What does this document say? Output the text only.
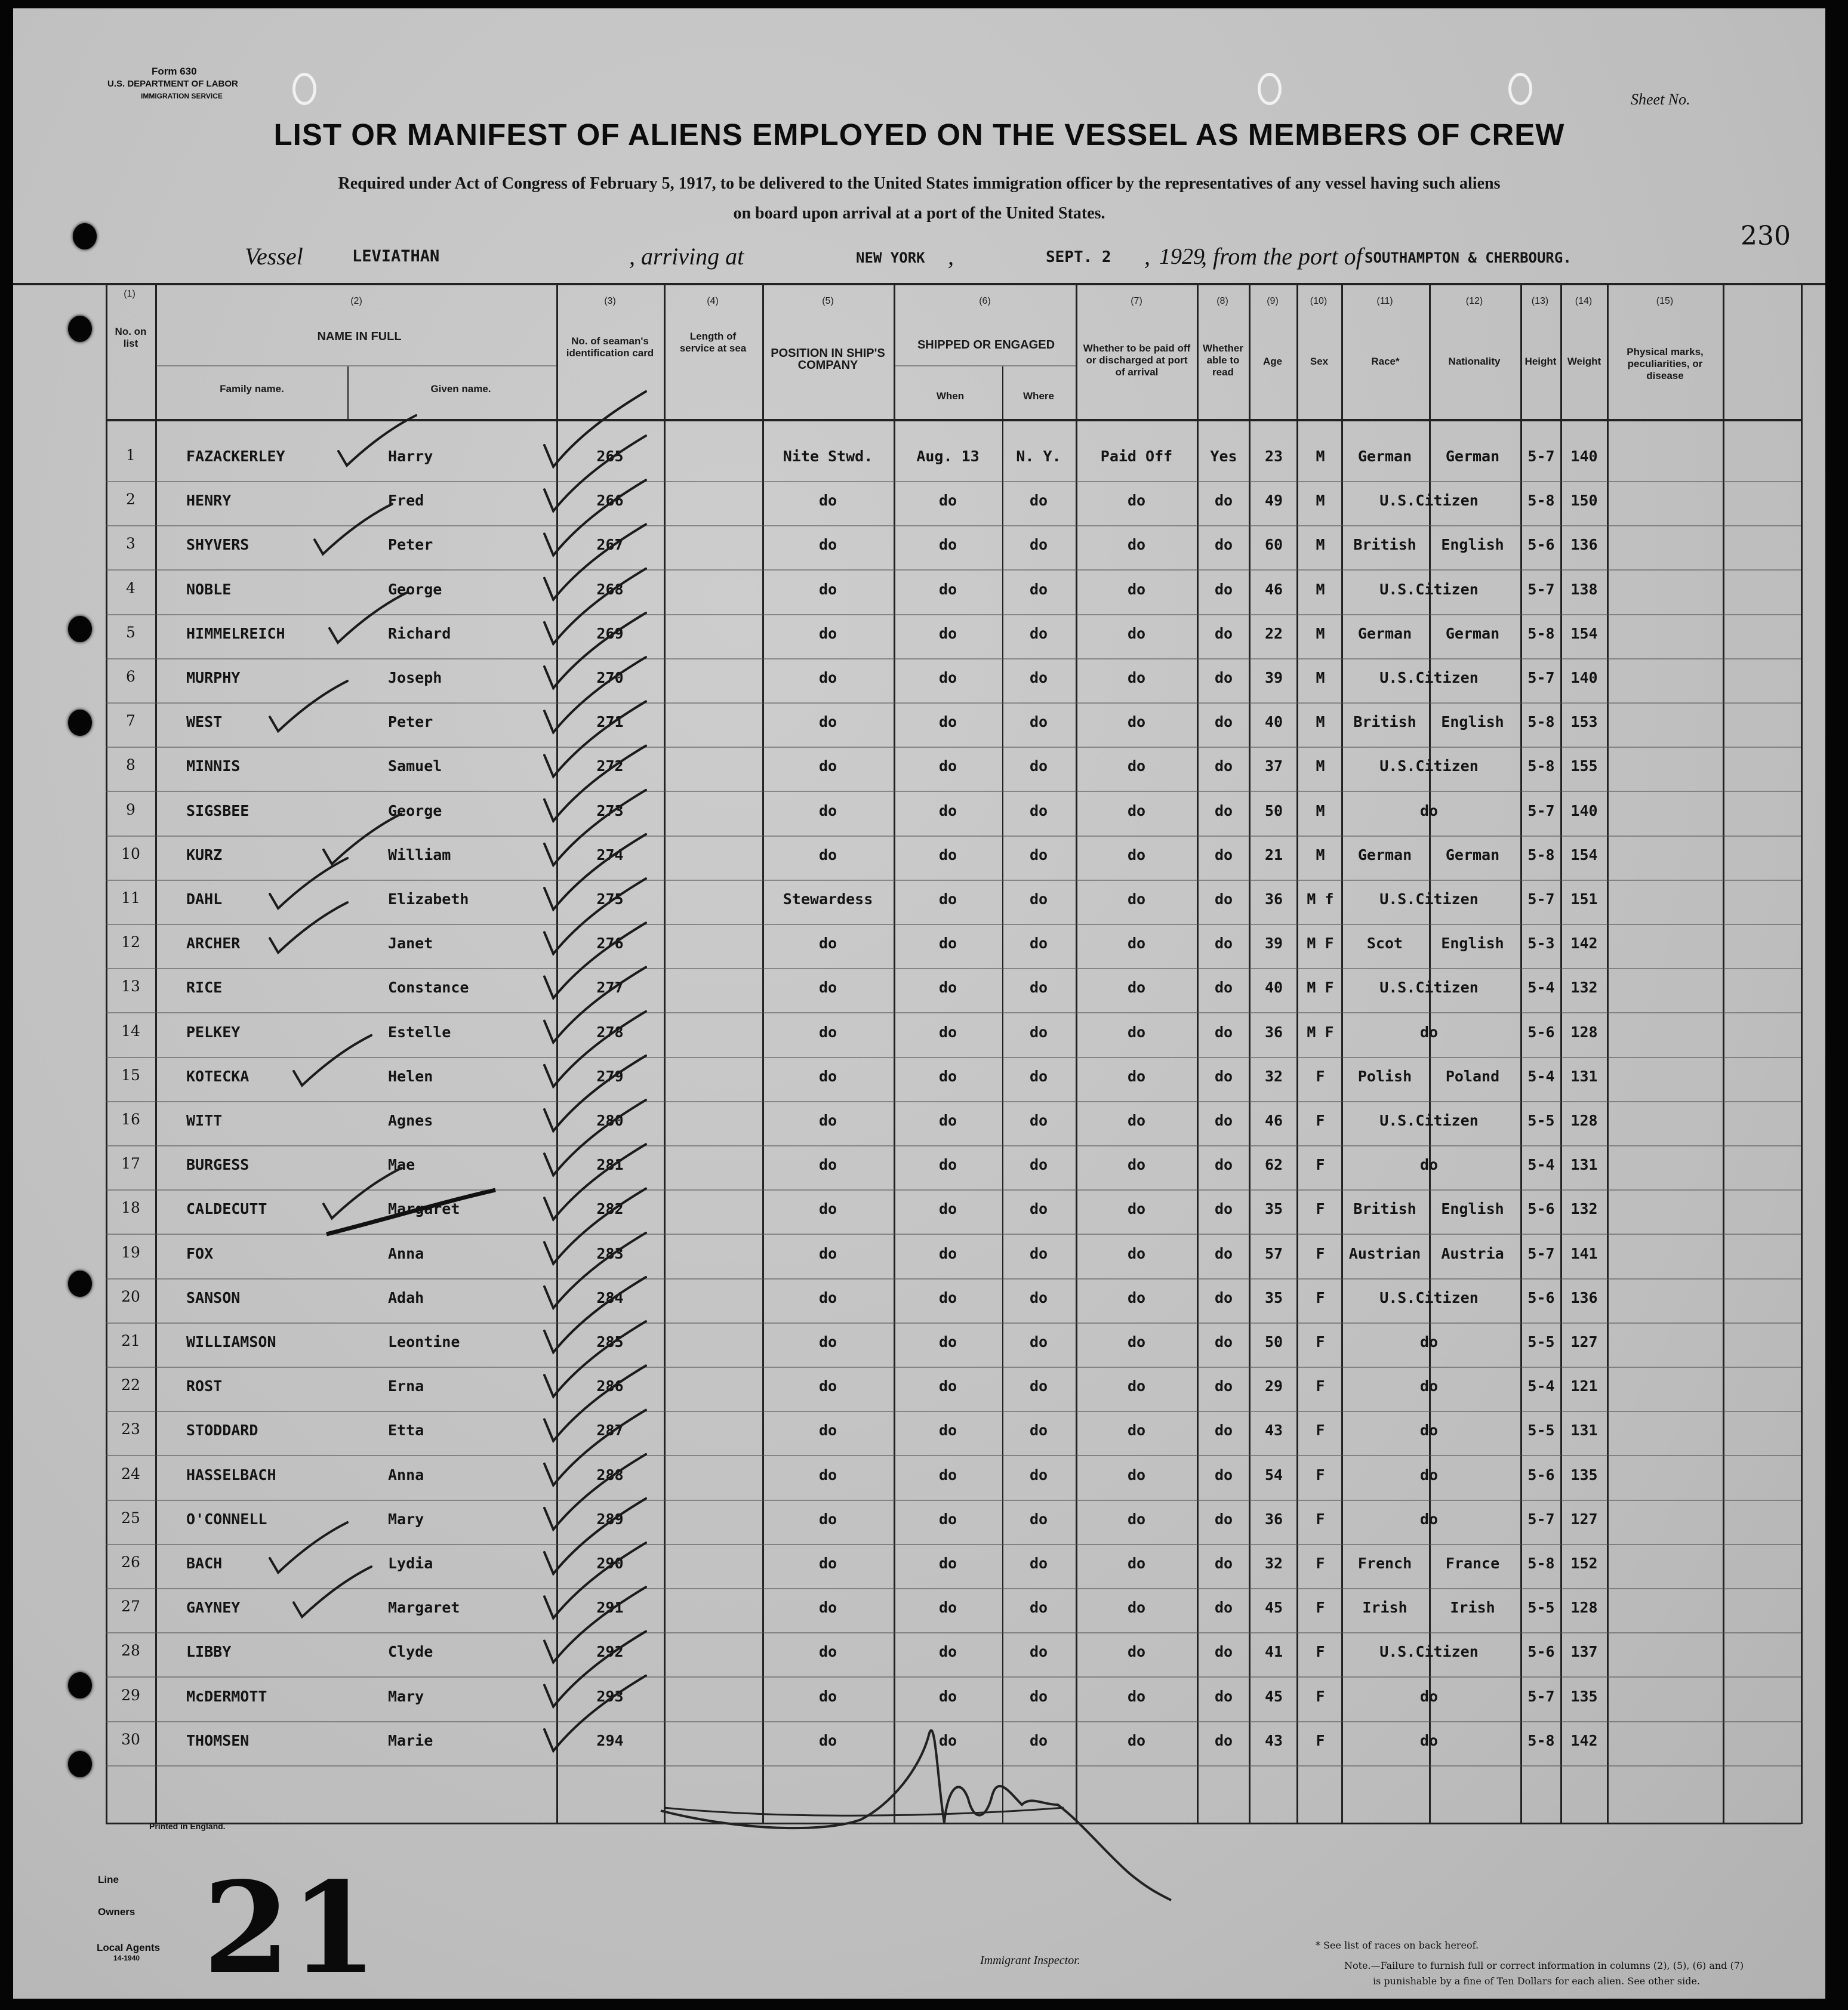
Form 630
U.S. DEPARTMENT OF LABOR
IMMIGRATION SERVICE	Sheet No.
230
LIST OR MANIFEST OF ALIENS EMPLOYED ON THE VESSEL AS MEMBERS OF CREW
Required under Act of Congress of February 5, 1917, to be delivered to the United States immigration officer by the representatives of any vessel having such aliens
on board upon arrival at a port of the United States.
Vessel	LEVIATHAN	, arriving at	NEW YORK ,	SEPT. 2 , 1929
, from the port of SOUTHAMPTON & CHERBOURG.
(1)
(2)	(3)	(4)	(5)	(6)	(7)	(8)	(9)	(10)	(11)	(12)	(13)	(14)	(15)
No. on list
NAME IN FULL
Family name.	Given name.
No. of seaman's identification card
Length of service at sea	POSITION IN SHIP'S COMPANY
SHIPPED OR ENGAGED
When	Where
Whether to be paid off or discharged at port of arrival
Whether able to read
Age	Sex	Race*	Nationality	Height	Weight
Physical marks, peculiarities, or disease
1	FAZACKERLEY	Harry	265	Nite Stwd.	Aug. 13	N. Y.	Paid Off	Yes	23	M	German	German	5-7	140
2	HENRY	Fred	266	do	do	do	do	do	49	M	U.S.Citizen	5-8	150
3	SHYVERS	Peter	267	do	do	do	do	do	60	M	British	English	5-6	136
4	NOBLE	George	268	do	do	do	do	do	46	M	U.S.Citizen	5-7	138
5	HIMMELREICH	Richard	269	do	do	do	do	do	22	M	German	German	5-8	154
6	MURPHY	Joseph	270	do	do	do	do	do	39	M	U.S.Citizen	5-7	140
7	WEST	Peter	271	do	do	do	do	do	40	M	British	English	5-8	153
8	MINNIS	Samuel	272	do	do	do	do	do	37	M	U.S.Citizen	5-8	155
9	SIGSBEE	George	273	do	do	do	do	do	50	M	do	5-7	140
10	KURZ	William	274	do	do	do	do	do	21	M	German	German	5-8	154
11	DAHL	Elizabeth	275	Stewardess	do	do	do	do	36	M f	U.S.Citizen	5-7	151
12	ARCHER	Janet	276	do	do	do	do	do	39	M F	Scot	English	5-3	142
13	RICE	Constance	277	do	do	do	do	do	40	M F	U.S.Citizen	5-4	132
14	PELKEY	Estelle	278	do	do	do	do	do	36	M F	do	5-6	128
15	KOTECKA	Helen	279	do	do	do	do	do	32	F	Polish	Poland	5-4	131
16	WITT	Agnes	280	do	do	do	do	do	46	F	U.S.Citizen	5-5	128
17	BURGESS	Mae	281	do	do	do	do	do	62	F	do	5-4	131
18	CALDECUTT	Margaret	282	do	do	do	do	do	35	F	British	English	5-6	132
19	FOX	Anna	283	do	do	do	do	do	57	F	Austrian	Austria	5-7	141
20	SANSON	Adah	284	do	do	do	do	do	35	F	U.S.Citizen	5-6	136
21	WILLIAMSON	Leontine	285	do	do	do	do	do	50	F	do	5-5	127
22	ROST	Erna	286	do	do	do	do	do	29	F	do	5-4	121
23	STODDARD	Etta	287	do	do	do	do	do	43	F	do	5-5	131
24	HASSELBACH	Anna	288	do	do	do	do	do	54	F	do	5-6	135
25	O'CONNELL	Mary	289	do	do	do	do	do	36	F	do	5-7	127
26	BACH	Lydia	290	do	do	do	do	do	32	F	French	France	5-8	152
27	GAYNEY	Margaret	291	do	do	do	do	do	45	F	Irish	Irish	5-5	128
28	LIBBY	Clyde	292	do	do	do	do	do	41	F	U.S.Citizen	5-6	137
29	McDERMOTT	Mary	293	do	do	do	do	do	45	F	do	5-7	135
30	THOMSEN	Marie	294	do	do	do	do	do	43	F	do	5-8	142
Printed in England.
Line
Owners
Local Agents
14-1940 21	Immigrant Inspector.
* See list of races on back hereof.
Note.—Failure to furnish full or correct information in columns (2), (5), (6) and (7)
is punishable by a fine of Ten Dollars for each alien. See other side.
